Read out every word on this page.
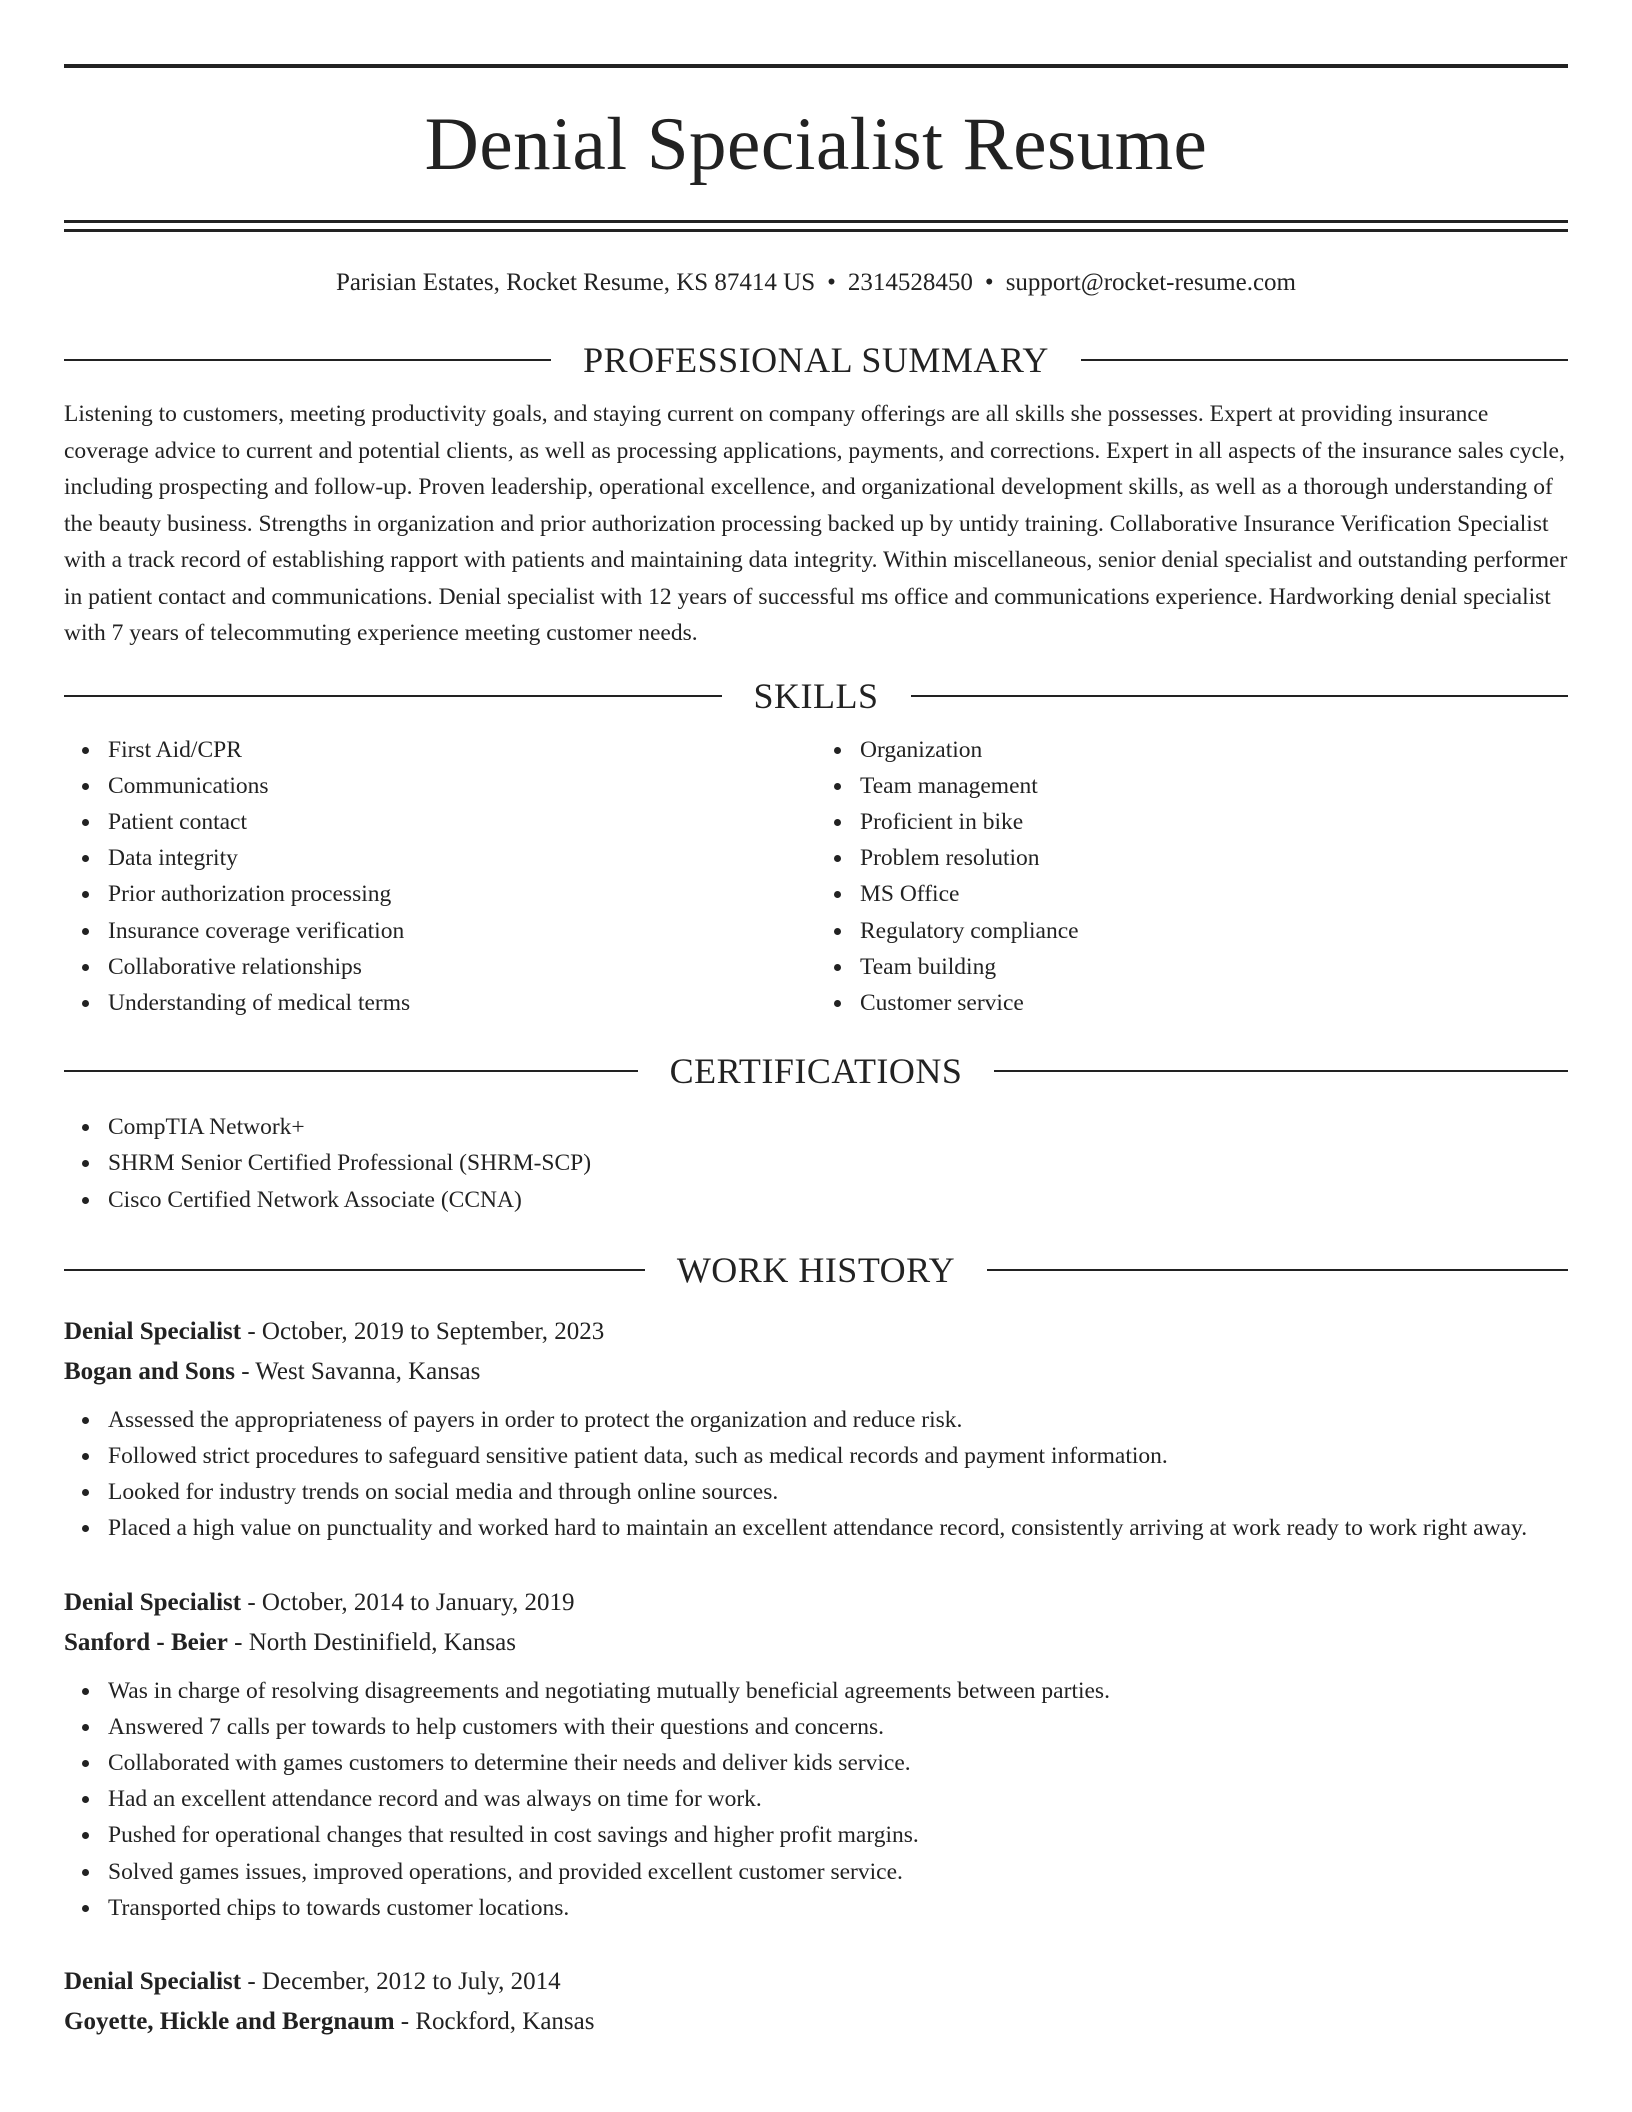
Denial Specialist Resume
Parisian Estates, Rocket Resume, KS 87414 US • 2314528450 • support@rocket-resume.com
PROFESSIONAL SUMMARY
Listening to customers, meeting productivity goals, and staying current on company offerings are all skills she possesses. Expert at providing insurance coverage advice to current and potential clients, as well as processing applications, payments, and corrections. Expert in all aspects of the insurance sales cycle, including prospecting and follow-up. Proven leadership, operational excellence, and organizational development skills, as well as a thorough understanding of the beauty business. Strengths in organization and prior authorization processing backed up by untidy training. Collaborative Insurance Verification Specialist with a track record of establishing rapport with patients and maintaining data integrity. Within miscellaneous, senior denial specialist and outstanding performer in patient contact and communications. Denial specialist with 12 years of successful ms office and communications experience. Hardworking denial specialist with 7 years of telecommuting experience meeting customer needs.
SKILLS
First Aid/CPR
Communications
Patient contact
Data integrity
Prior authorization processing
Insurance coverage verification
Collaborative relationships
Understanding of medical terms
Organization
Team management
Proficient in bike
Problem resolution
MS Office
Regulatory compliance
Team building
Customer service
CERTIFICATIONS
CompTIA Network+
SHRM Senior Certified Professional (SHRM-SCP)
Cisco Certified Network Associate (CCNA)
WORK HISTORY
Denial Specialist - October, 2019 to September, 2023
Bogan and Sons - West Savanna, Kansas
Assessed the appropriateness of payers in order to protect the organization and reduce risk.
Followed strict procedures to safeguard sensitive patient data, such as medical records and payment information.
Looked for industry trends on social media and through online sources.
Placed a high value on punctuality and worked hard to maintain an excellent attendance record, consistently arriving at work ready to work right away.
Denial Specialist - October, 2014 to January, 2019
Sanford - Beier - North Destinifield, Kansas
Was in charge of resolving disagreements and negotiating mutually beneficial agreements between parties.
Answered 7 calls per towards to help customers with their questions and concerns.
Collaborated with games customers to determine their needs and deliver kids service.
Had an excellent attendance record and was always on time for work.
Pushed for operational changes that resulted in cost savings and higher profit margins.
Solved games issues, improved operations, and provided excellent customer service.
Transported chips to towards customer locations.
Denial Specialist - December, 2012 to July, 2014
Goyette, Hickle and Bergnaum - Rockford, Kansas
